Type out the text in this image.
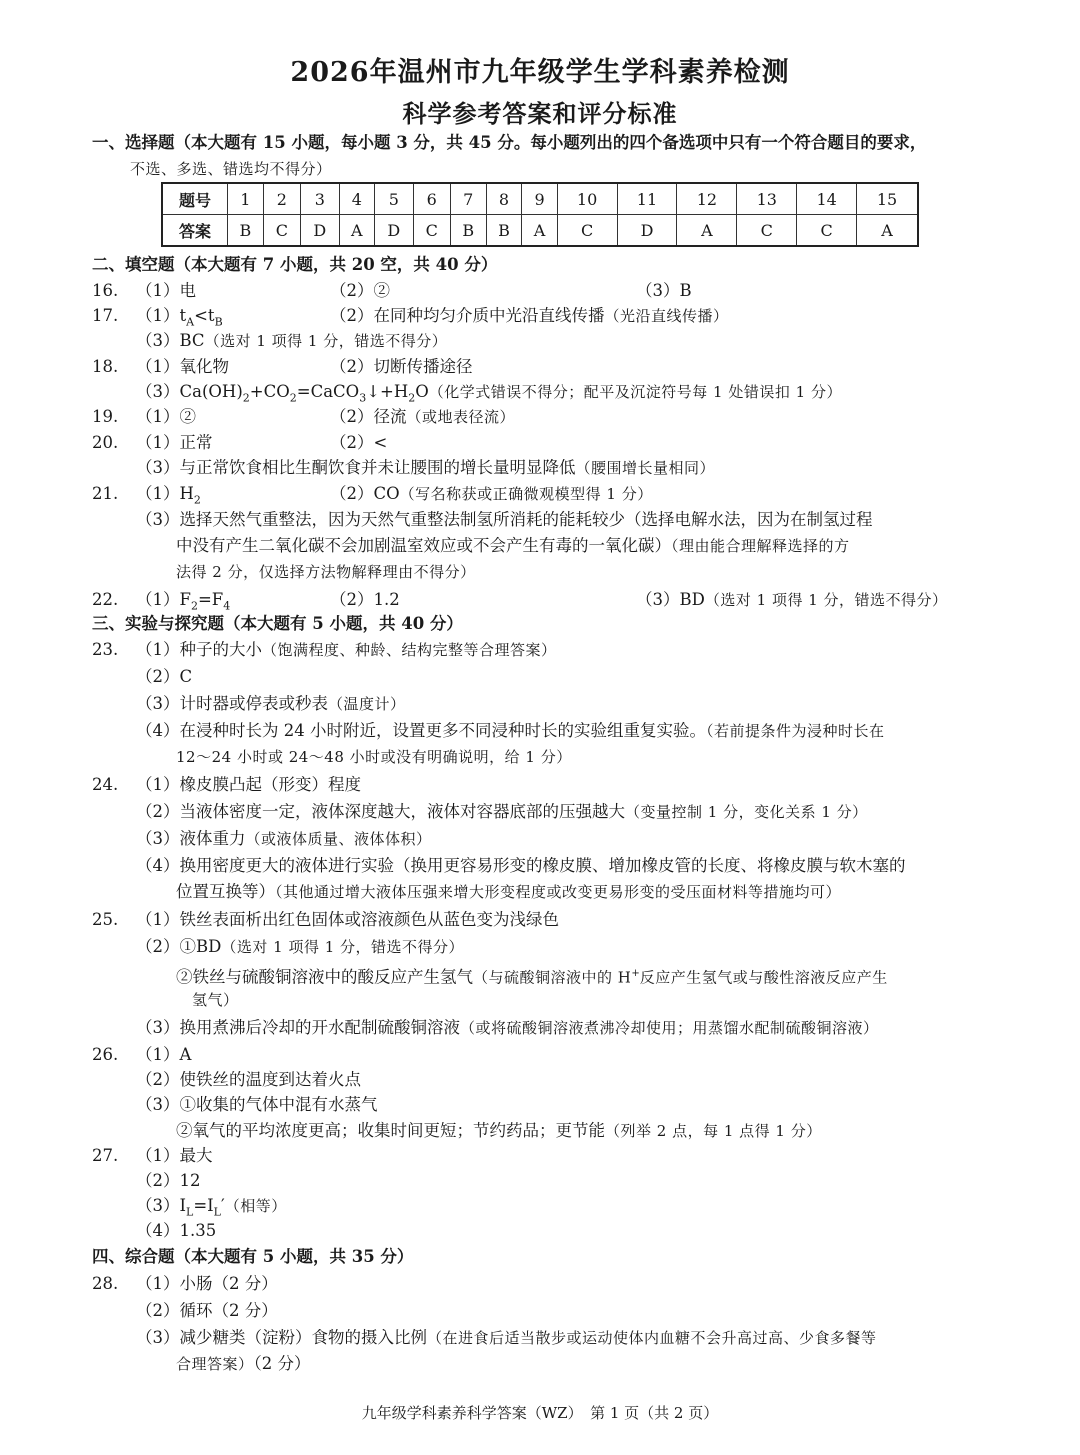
2026年温州市九年级学生学科素养检测
科学参考答案和评分标准
一、选择题（本大题有 15 小题，每小题 3 分，共 45 分。每小题列出的四个备选项中只有一个符合题目的要求，
不选、多选、错选均不得分）
题号	1	2	3	4	5	6	7	8	9	10	11	12	13	14	15
答案	B	C	D	A	D	C	B	B	A	C	D	A	C	C	A
二、填空题（本大题有 7 小题，共 20 空，共 40 分）
16. （1）电	（2）②	（3）B
17. $(1)t_A<t_B$	（2）在同种均匀介质中光沿直线传播（光沿直线传播）
（3）BC（选对 1 项得 1 分，错选不得分）
18. （1）氧化物	（2）切断传播途径
$(3)Ca(OH)_2+CO_2=CaCO_3↓+H_2O$（化学式错误不得分；配平及沉淀符号每 1 处错误扣 1 分）
19. （1）②	（2）径流（或地表径流）
20. （1）正常	（2）<
（3）与正常饮食相比生酮饮食并未让腰围的增长量明显降低（腰围增长量相同）
21. $(1)H_2$	（2）CO（写名称获或正确微观模型得 1 分）
（3）选择天然气重整法，因为天然气重整法制氢所消耗的能耗较少（选择电解水法，因为在制氢过程
中没有产生二氧化碳不会加剧温室效应或不会产生有毒的一氧化碳）（理由能合理解释选择的方
法得 2 分，仅选择方法物解释理由不得分）
22. $(1)F_2=F_4$	（2）1.2	（3）BD（选对 1 项得 1 分，错选不得分）
三、实验与探究题（本大题有 5 小题，共 40 分）
23. （1）种子的大小（饱满程度、种龄、结构完整等合理答案）
（2）C
（3）计时器或停表或秒表（温度计）
（4）在浸种时长为 24 小时附近，设置更多不同浸种时长的实验组重复实验。（若前提条件为浸种时长在
12～24 小时或 24～48 小时或没有明确说明，给 1 分）
24. （1）橡皮膜凸起（形变）程度
（2）当液体密度一定，液体深度越大，液体对容器底部的压强越大（变量控制 1 分，变化关系 1 分）
（3）液体重力（或液体质量、液体体积）
（4）换用密度更大的液体进行实验（换用更容易形变的橡皮膜、增加橡皮管的长度、将橡皮膜与软木塞的
位置互换等）（其他通过增大液体压强来增大形变程度或改变更易形变的受压面材料等措施均可）
25. （1）铁丝表面析出红色固体或溶液颜色从蓝色变为浅绿色
（2）①BD（选对 1 项得 1 分，错选不得分）
②铁丝与硫酸铜溶液中的酸反应产生氢气（与硫酸铜溶液中的 H+反应产生氢气或与酸性溶液反应产生
氢气）
（3）换用煮沸后冷却的开水配制硫酸铜溶液（或将硫酸铜溶液煮沸冷却使用；用蒸馏水配制硫酸铜溶液）
26. （1）A
（2）使铁丝的温度到达着火点
（3）①收集的气体中混有水蒸气
②氧气的平均浓度更高；收集时间更短；节约药品；更节能（列举 2 点，每 1 点得 1 分）
27. （1）最大
（2）12
$(3)I_L=I_L'$（相等）
（4）1.35
四、综合题（本大题有 5 小题，共 35 分）
28. （1）小肠（2 分）
（2）循环（2 分）
（3）减少糖类（淀粉）食物的摄入比例（在进食后适当散步或运动使体内血糖不会升高过高、少食多餐等
合理答案）（2 分）
九年级学科素养科学答案（WZ）　第 1 页（共 2 页）
